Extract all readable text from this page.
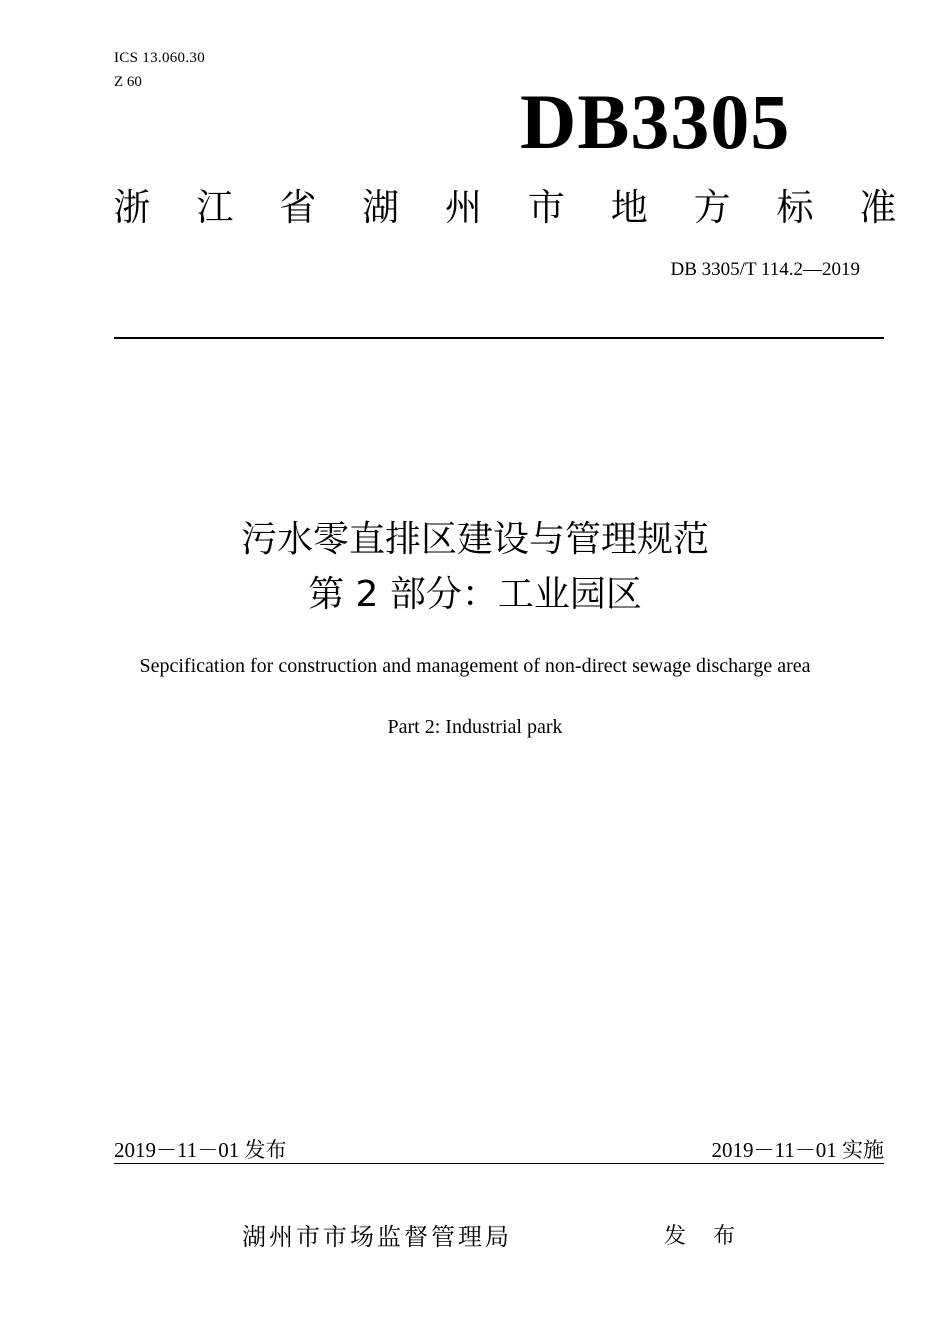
ICS 13.060.30
Z 60	DB3305
浙 江 省 湖 州 市 地 方 标 准
DB 3305/T 114.2—2019
污水零直排区建设与管理规范
第 2 部分：工业园区
Sepcification for construction and management of non-direct sewage discharge area
Part 2: Industrial park
2019－11－01 发布	2019－11－01 实施
湖州市市场监督管理局	发 布
